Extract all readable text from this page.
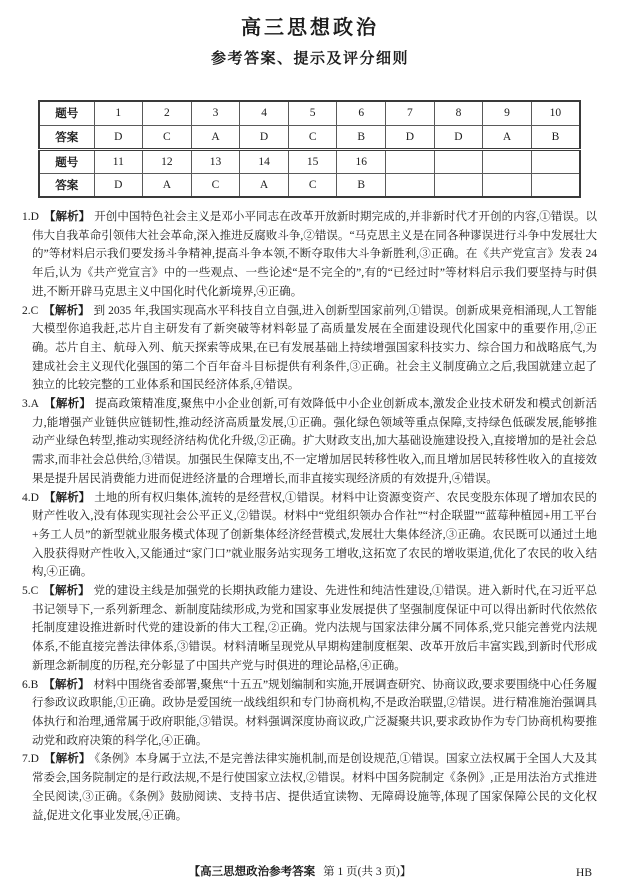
高三思想政治
参考答案、提示及评分细则
题号	1	2	3	4	5	6	7	8	9	10
答案	D	C	A	D	C	B	D	D	A	B
题号	11	12	13	14	15	16				
答案	D	A	C	A	C	B				

1.D 【解析】 开创中国特色社会主义是邓小平同志在改革开放新时期完成的,并非新时代才开创的内容,①错误。以伟大自我革命引领伟大社会革命,深入推进反腐败斗争,②错误。“马克思主义是在同各种谬误进行斗争中发展壮大的”等材料启示我们要发扬斗争精神,提高斗争本领,不断夺取伟大斗争新胜利,③正确。在《共产党宣言》发表 24 年后,认为《共产党宣言》中的一些观点、一些论述“是不完全的”,有的“已经过时”等材料启示我们要坚持与时俱进,不断开辟马克思主义中国化时代化新境界,④正确。

2.C 【解析】 到 2035 年,我国实现高水平科技自立自强,进入创新型国家前列,①错误。创新成果竞相涌现,人工智能大模型你追我赶,芯片自主研发有了新突破等材料彰显了高质量发展在全面建设现代化国家中的重要作用,②正确。芯片自主、航母入列、航天探索等成果,在已有发展基础上持续增强国家科技实力、综合国力和战略底气,为建成社会主义现代化强国的第二个百年奋斗目标提供有利条件,③正确。社会主义制度确立之后,我国就建立起了独立的比较完整的工业体系和国民经济体系,④错误。

3.A 【解析】 提高政策精准度,聚焦中小企业创新,可有效降低中小企业创新成本,激发企业技术研发和模式创新活力,能增强产业链供应链韧性,推动经济高质量发展,①正确。强化绿色领域等重点保障,支持绿色低碳发展,能够推动产业绿色转型,推动实现经济结构优化升级,②正确。扩大财政支出,加大基础设施建设投入,直接增加的是社会总需求,而非社会总供给,③错误。加强民生保障支出,不一定增加居民转移性收入,而且增加居民转移性收入的直接效果是提升居民消费能力进而促进经济量的合理增长,而非直接实现经济质的有效提升,④错误。

4.D 【解析】 土地的所有权归集体,流转的是经营权,①错误。材料中让资源变资产、农民变股东体现了增加农民的财产性收入,没有体现实现社会公平正义,②错误。材料中“党组织领办合作社”“村企联盟”“蓝莓种植园+用工平台+务工人员”的新型就业服务模式体现了创新集体经济经营模式,发展壮大集体经济,③正确。农民既可以通过土地入股获得财产性收入,又能通过“家门口”就业服务站实现务工增收,这拓宽了农民的增收渠道,优化了农民的收入结构,④正确。

5.C 【解析】 党的建设主线是加强党的长期执政能力建设、先进性和纯洁性建设,①错误。进入新时代,在习近平总书记领导下,一系列新理念、新制度陆续形成,为党和国家事业发展提供了坚强制度保证中可以得出新时代依然依托制度建设推进新时代党的建设新的伟大工程,②正确。党内法规与国家法律分属不同体系,党只能完善党内法规体系,不能直接完善法律体系,③错误。材料清晰呈现党从早期构建制度框架、改革开放后丰富实践,到新时代形成新理念新制度的历程,充分彰显了中国共产党与时俱进的理论品格,④正确。

6.B 【解析】 材料中围绕省委部署,聚焦“十五五”规划编制和实施,开展调查研究、协商议政,要求要围绕中心任务履行参政议政职能,①正确。政协是爱国统一战线组织和专门协商机构,不是政治联盟,②错误。进行精准施治强调具体执行和治理,通常属于政府职能,③错误。材料强调深度协商议政,广泛凝聚共识,要求政协作为专门协商机构要推动党和政府决策的科学化,④正确。

7.D 【解析】 《条例》本身属于立法,不是完善法律实施机制,而是创设规范,①错误。国家立法权属于全国人大及其常委会,国务院制定的是行政法规,不是行使国家立法权,②错误。材料中国务院制定《条例》,正是用法治方式推进全民阅读,③正确。《条例》鼓励阅读、支持书店、提供适宜读物、无障碍设施等,体现了国家保障公民的文化权益,促进文化事业发展,④正确。

【高三思想政治参考答案 第 1 页(共 3 页)】	HB
